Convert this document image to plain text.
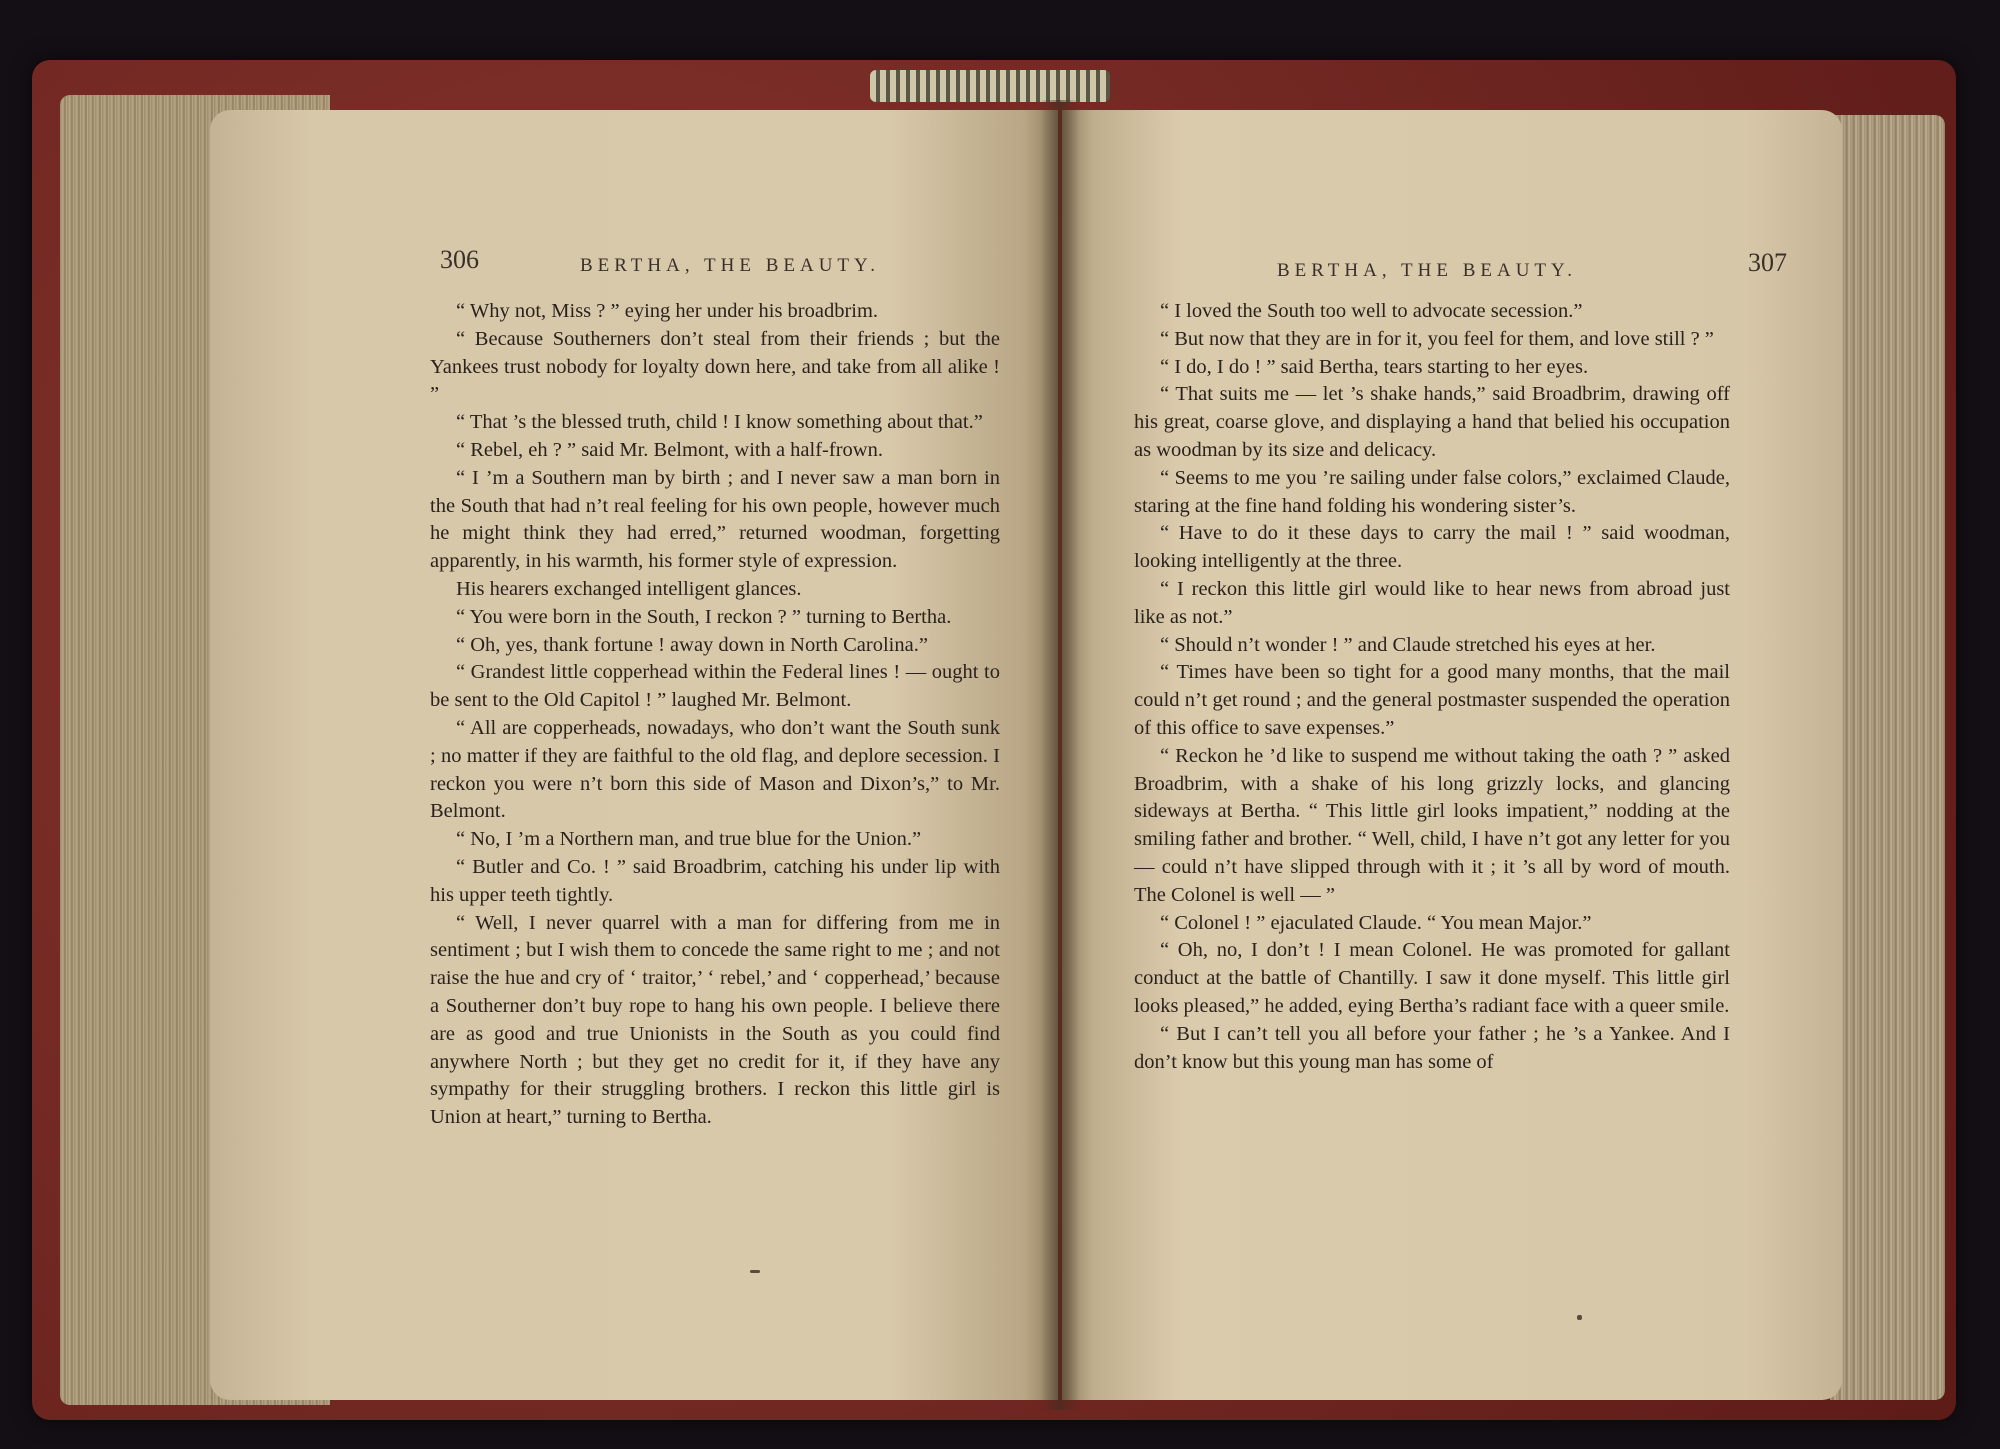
306	BERTHA, THE BEAUTY.

“ Why not, Miss ? ” eying her under his broadbrim.

“ Because Southerners don’t steal from their friends ; but the Yankees trust nobody for loyalty down here, and take from all alike ! ”

“ That ’s the blessed truth, child ! I know something about that.”

“ Rebel, eh ? ” said Mr. Belmont, with a half-frown.

“ I ’m a Southern man by birth ; and I never saw a man born in the South that had n’t real feeling for his own people, however much he might think they had erred,” returned woodman, forgetting apparently, in his warmth, his former style of expression.

His hearers exchanged intelligent glances.

“ You were born in the South, I reckon ? ” turning to Bertha.

“ Oh, yes, thank fortune ! away down in North Carolina.”

“ Grandest little copperhead within the Federal lines ! — ought to be sent to the Old Capitol ! ” laughed Mr. Belmont.

“ All are copperheads, nowadays, who don’t want the South sunk ; no matter if they are faithful to the old flag, and deplore secession. I reckon you were n’t born this side of Mason and Dixon’s,” to Mr. Belmont.

“ No, I ’m a Northern man, and true blue for the Union.”

“ Butler and Co. ! ” said Broadbrim, catching his under lip with his upper teeth tightly.

“ Well, I never quarrel with a man for differing from me in sentiment ; but I wish them to concede the same right to me ; and not raise the hue and cry of ‘ traitor,’ ‘ rebel,’ and ‘ copperhead,’ because a Southerner don’t buy rope to hang his own people. I believe there are as good and true Unionists in the South as you could find anywhere North ; but they get no credit for it, if they have any sympathy for their struggling brothers. I reckon this little girl is Union at heart,” turning to Bertha.

BERTHA, THE BEAUTY.	307

“ I loved the South too well to advocate secession.”

“ But now that they are in for it, you feel for them, and love still ? ”

“ I do, I do ! ” said Bertha, tears starting to her eyes.

“ That suits me — let ’s shake hands,” said Broadbrim, drawing off his great, coarse glove, and displaying a hand that belied his occupation as woodman by its size and delicacy.

“ Seems to me you ’re sailing under false colors,” exclaimed Claude, staring at the fine hand folding his wondering sister’s.

“ Have to do it these days to carry the mail ! ” said woodman, looking intelligently at the three.

“ I reckon this little girl would like to hear news from abroad just like as not.”

“ Should n’t wonder ! ” and Claude stretched his eyes at her.

“ Times have been so tight for a good many months, that the mail could n’t get round ; and the general postmaster suspended the operation of this office to save expenses.”

“ Reckon he ’d like to suspend me without taking the oath ? ” asked Broadbrim, with a shake of his long grizzly locks, and glancing sideways at Bertha. “ This little girl looks impatient,” nodding at the smiling father and brother. “ Well, child, I have n’t got any letter for you — could n’t have slipped through with it ; it ’s all by word of mouth. The Colonel is well — ”

“ Colonel ! ” ejaculated Claude. “ You mean Major.”

“ Oh, no, I don’t ! I mean Colonel. He was promoted for gallant conduct at the battle of Chantilly. I saw it done myself. This little girl looks pleased,” he added, eying Bertha’s radiant face with a queer smile.

“ But I can’t tell you all before your father ; he ’s a Yankee. And I don’t know but this young man has some of
